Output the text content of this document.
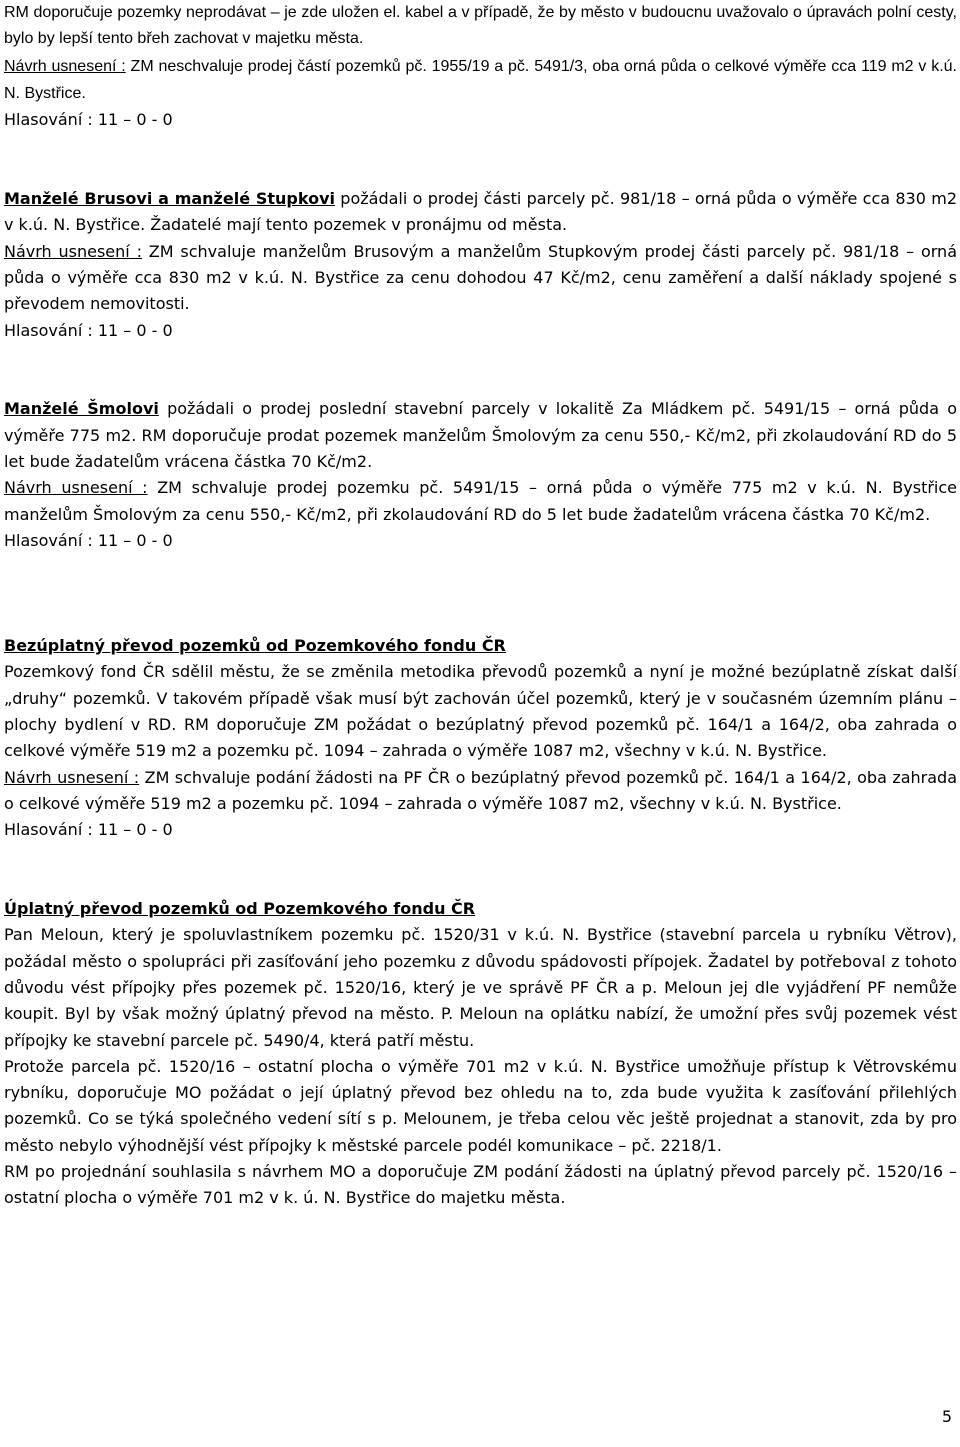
RM doporučuje pozemky neprodávat – je zde uložen el. kabel a v případě, že by město v budoucnu uvažovalo o úpravách polní cesty, bylo by lepší tento břeh zachovat v majetku města.

Návrh usnesení : ZM neschvaluje prodej částí pozemků pč. 1955/19 a pč. 5491/3, oba orná půda o celkové výměře cca 119 m2 v k.ú. N. Bystřice.

Hlasování : 11 – 0 - 0

Manželé Brusovi a manželé Stupkovi požádali o prodej části parcely pč. 981/18 – orná půda o výměře cca 830 m2 v k.ú. N. Bystřice. Žadatelé mají tento pozemek v pronájmu od města.

Návrh usnesení : ZM schvaluje manželům Brusovým a manželům Stupkovým prodej části parcely pč. 981/18 – orná půda o výměře cca 830 m2 v k.ú. N. Bystřice za cenu dohodou 47 Kč/m2, cenu zaměření a další náklady spojené s převodem nemovitosti.

Hlasování : 11 – 0 - 0

Manželé Šmolovi požádali o prodej poslední stavební parcely v lokalitě Za Mládkem pč. 5491/15 – orná půda o výměře 775 m2. RM doporučuje prodat pozemek manželům Šmolovým za cenu 550,- Kč/m2, při zkolaudování RD do 5 let bude žadatelům vrácena částka 70 Kč/m2.

Návrh usnesení : ZM schvaluje prodej pozemku pč. 5491/15 – orná půda o výměře 775 m2 v k.ú. N. Bystřice manželům Šmolovým za cenu 550,- Kč/m2, při zkolaudování RD do 5 let bude žadatelům vrácena částka 70 Kč/m2.

Hlasování : 11 – 0 - 0

Bezúplatný převod pozemků od Pozemkového fondu ČR

Pozemkový fond ČR sdělil městu, že se změnila metodika převodů pozemků a nyní je možné bezúplatně získat další „druhy“ pozemků. V takovém případě však musí být zachován účel pozemků, který je v současném územním plánu – plochy bydlení v RD. RM doporučuje ZM požádat o bezúplatný převod pozemků pč. 164/1 a 164/2, oba zahrada o celkové výměře 519 m2 a pozemku pč. 1094 – zahrada o výměře 1087 m2, všechny v k.ú. N. Bystřice.

Návrh usnesení : ZM schvaluje podání žádosti na PF ČR o bezúplatný převod pozemků pč. 164/1 a 164/2, oba zahrada o celkové výměře 519 m2 a pozemku pč. 1094 – zahrada o výměře 1087 m2, všechny v k.ú. N. Bystřice.

Hlasování : 11 – 0 - 0

Úplatný převod pozemků od Pozemkového fondu ČR

Pan Meloun, který je spoluvlastníkem pozemku pč. 1520/31 v k.ú. N. Bystřice (stavební parcela u rybníku Větrov), požádal město o spolupráci při zasíťování jeho pozemku z důvodu spádovosti přípojek. Žadatel by potřeboval z tohoto důvodu vést přípojky přes pozemek pč. 1520/16, který je ve správě PF ČR a p. Meloun jej dle vyjádření PF nemůže koupit. Byl by však možný úplatný převod na město. P. Meloun na oplátku nabízí, že umožní přes svůj pozemek vést přípojky ke stavební parcele pč. 5490/4, která patří městu.

Protože parcela pč. 1520/16 – ostatní plocha o výměře 701 m2 v k.ú. N. Bystřice umožňuje přístup k Větrovskému rybníku, doporučuje MO požádat o její úplatný převod bez ohledu na to, zda bude využita k zasíťování přilehlých pozemků. Co se týká společného vedení sítí s p. Melounem, je třeba celou věc ještě projednat a stanovit, zda by pro město nebylo výhodnější vést přípojky k městské parcele podél komunikace – pč. 2218/1.

RM po projednání souhlasila s návrhem MO a doporučuje ZM podání žádosti na úplatný převod parcely pč. 1520/16 – ostatní plocha o výměře 701 m2 v k. ú. N. Bystřice do majetku města.

5
